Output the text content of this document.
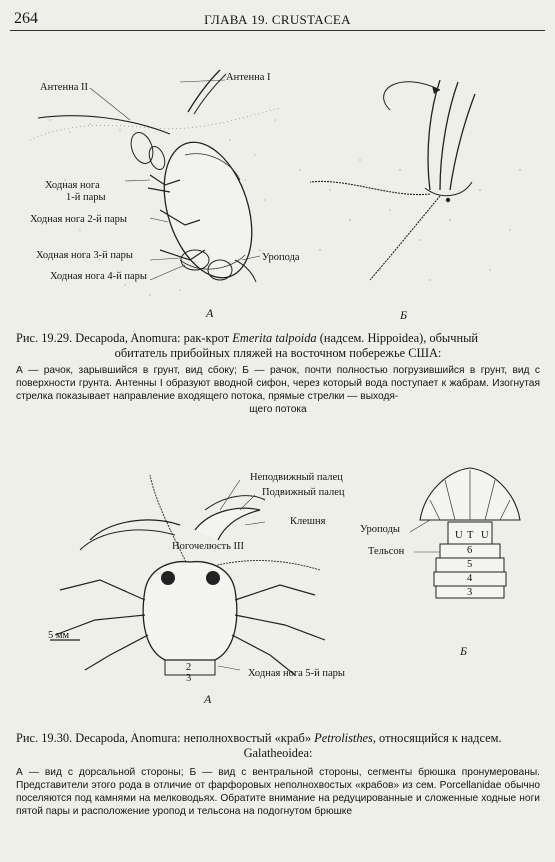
264	ГЛАВА 19. CRUSTACEA
Антенна II
Антенна I
Ходная нога
1-й пары
Ходная нога 2-й пары
Ходная нога 3-й пары
Ходная нога 4-й пары
Уропода
А	Б
Рис. 19.29. Decapoda, Anomura: рак-крот Emerita talpoida (надсем. Hippoidea), обычный
обитатель прибойных пляжей на восточном побережье США:
А — рачок, зарывшийся в грунт, вид сбоку; Б — рачок, почти полностью погрузившийся в грунт, вид с поверхности грунта. Антенны I образуют вводной сифон, через который вода поступает к жабрам. Изогнутая стрелка показывает направление входящего потока, прямые стрелки — выходя-
щего потока
Неподвижный палец
Подвижный палец
Клешня
Ногочелюсть III
5 мм
2
3	Ходная нога 5-й пары
А
Уроподы
Тельсон
U T U
6
5
4
3
Б
Рис. 19.30. Decapoda, Anomura: неполнохвостый «краб» Petrolisthes, относящийся к надсем.
Galatheoidea:
А — вид с дорсальной стороны; Б — вид с вентральной стороны, сегменты брюшка пронумерованы. Представители этого рода в отличие от фарфоровых неполнохвостых «крабов» из сем. Porcellanidae обычно поселяются под камнями на мелководьях. Обратите внимание на редуцированные и сложенные ходные ноги пятой пары и расположение уропод и тельсона на подогнутом брюшке
